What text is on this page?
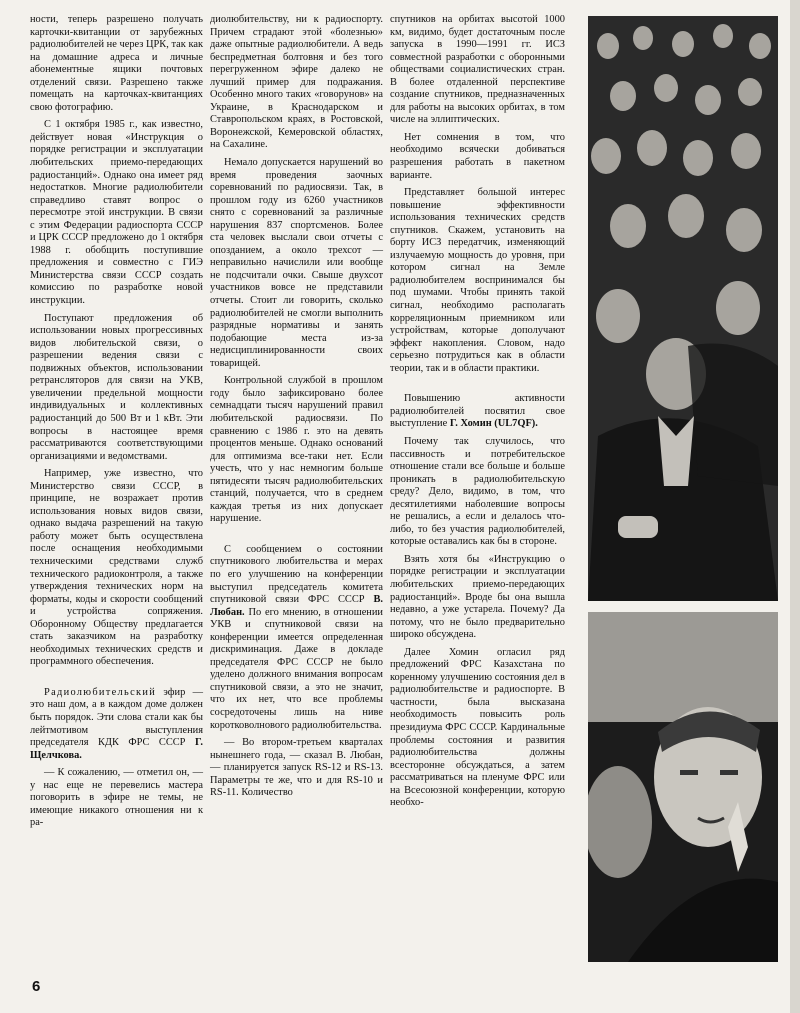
ности, теперь разрешено получать карточки-квитанции от зарубежных радиолюбителей не через ЦРК, так как на домашние адреса и личные абонементные ящики почтовых отделений связи. Разрешено также помещать на карточках-квитанциях свою фотографию.

С 1 октября 1985 г., как известно, действует новая «Инструкция о порядке регистрации и эксплуатации любительских приемо-передающих радиостанций». Однако она имеет ряд недостатков. Многие радиолюбители справедливо ставят вопрос о пересмотре этой инструкции. В связи с этим Федерации радиоспорта СССР и ЦРК СССР предложено до 1 октября 1988 г. обобщить поступившие предложения и совместно с ГИЭ Министерства связи СССР создать комиссию по разработке новой инструкции.

Поступают предложения об использовании новых прогрессивных видов любительской связи, о разрешении ведения связи с подвижных объектов, использовании ретрансляторов для связи на УКВ, увеличении предельной мощности индивидуальных и коллективных радиостанций до 500 Вт и 1 кВт. Эти вопросы в настоящее время рассматриваются соответствующими организациями и ведомствами.

Например, уже известно, что Министерство связи СССР, в принципе, не возражает против использования новых видов связи, однако выдача разрешений на такую работу может быть осуществлена после оснащения необходимыми техническими средствами служб технического радиоконтроля, а также утверждения технических норм на форматы, коды и скорости сообщений и устройства сопряжения. Оборонному Обществу предлагается стать заказчиком на разработку необходимых технических средств и программного обеспечения.

Радиолюбительский эфир — это наш дом, а в каждом доме должен быть порядок. Эти слова стали как бы лейтмотивом выступления председателя КДК ФРС СССР Г. Щелчкова.

— К сожалению, — отметил он, — у нас еще не перевелись мастера поговорить в эфире не темы, не имеющие никакого отношения ни к ра-

диолюбительству, ни к радиоспорту. Причем страдают этой «болезнью» даже опытные радиолюбители. А ведь беспредметная болтовня и без того перегруженном эфире далеко не лучший пример для подражания. Особенно много таких «говорунов» на Украине, в Краснодарском и Ставропольском краях, в Ростовской, Воронежской, Кемеровской областях, на Сахалине.

Немало допускается нарушений во время проведения заочных соревнований по радиосвязи. Так, в прошлом году из 6260 участников снято с соревнований за различные нарушения 837 спортсменов. Более ста человек выслали свои отчеты с опозданием, а около трехсот — неправильно начислили или вообще не подсчитали очки. Свыше двухсот участников вовсе не представили отчеты. Стоит ли говорить, сколько радиолюбителей не смогли выполнить разрядные нормативы и занять подобающие места из-за недисциплинированности своих товарищей.

Контрольной службой в прошлом году было зафиксировано более семнадцати тысяч нарушений правил любительской радиосвязи. По сравнению с 1986 г. это на девять процентов меньше. Однако оснований для оптимизма все-таки нет. Если учесть, что у нас немногим больше пятидесяти тысяч радиолюбительских станций, получается, что в среднем каждая третья из них допускает нарушение.

С сообщением о состоянии спутникового любительства и мерах по его улучшению на конференции выступил председатель комитета спутниковой связи ФРС СССР В. Любан. По его мнению, в отношении УКВ и спутниковой связи на конференции имеется определенная дискриминация. Даже в докладе председателя ФРС СССР не было уделено должного внимания вопросам спутниковой связи, а это не значит, что их нет, что все проблемы сосредоточены лишь на ниве коротковолнового радиолюбительства.

— Во втором-третьем кварталах нынешнего года, — сказал В. Любан, — планируется запуск RS-12 и RS-13. Параметры те же, что и для RS-10 и RS-11. Количество

спутников на орбитах высотой 1000 км, видимо, будет достаточным после запуска в 1990—1991 гг. ИСЗ совместной разработки с оборонными обществами социалистических стран. В более отдаленной перспективе создание спутников, предназначенных для работы на высоких орбитах, в том числе на эллиптических.

Нет сомнения в том, что необходимо всячески добиваться разрешения работать в пакетном варианте.

Представляет большой интерес повышение эффективности использования технических средств спутников. Скажем, установить на борту ИСЗ передатчик, изменяющий излучаемую мощность до уровня, при котором сигнал на Земле радиолюбителем воспринимался бы под шумами. Чтобы принять такой сигнал, необходимо располагать корреляционным приемником или устройствам, которые дополучают эффект накопления. Словом, надо серьезно потрудиться как в области теории, так и в области практики.

Повышению активности радиолюбителей посвятил свое выступление Г. Хомин (UL7QF).

Почему так случилось, что пассивность и потребительское отношение стали все больше и больше проникать в радиолюбительскую среду? Дело, видимо, в том, что десятилетиями наболевшие вопросы не решались, а если и делалось что-либо, то без участия радиолюбителей, которые оставались как бы в стороне.

Взять хотя бы «Инструкцию о порядке регистрации и эксплуатации любительских приемо-передающих радиостанций». Вроде бы она вышла недавно, а уже устарела. Почему? Да потому, что не было предварительно широко обсуждена.

Далее Хомин огласил ряд предложений ФРС Казахстана по коренному улучшению состояния дел в радиолюбительстве и радиоспорте. В частности, была высказана необходимость повысить роль президиума ФРС СССР. Кардинальные проблемы состояния и развития радиолюбительства должны всесторонне обсуждаться, а затем рассматриваться на пленуме ФРС или на Всесоюзной конференции, которую необхо-

6
